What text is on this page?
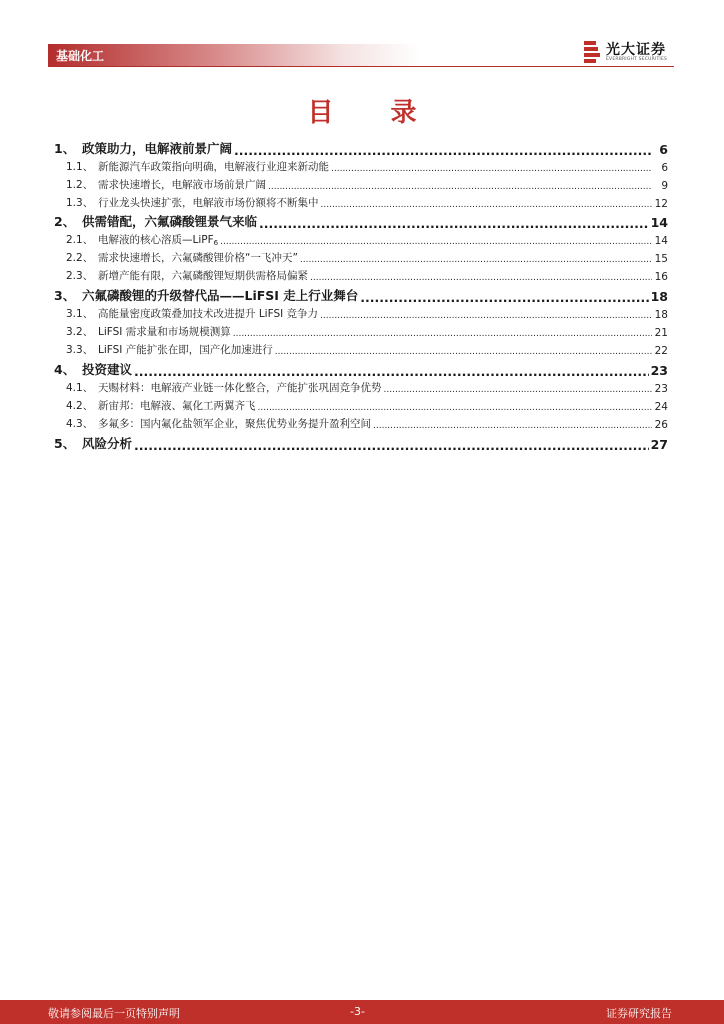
基础化工	光大证券
EVERBRIGHT SECURITIES
目 录
1、 政策助力，电解液前景广阔 .....	6
1.1、 新能源汽车政策指向明确，电解液行业迎来新动能 .....	6
1.2、 需求快速增长，电解液市场前景广阔 .....	9
1.3、 行业龙头快速扩张，电解液市场份额将不断集中 .....	12
2、 供需错配，六氟磷酸锂景气来临 .....	14
2.1、 电解液的核心溶质—LiPF$_6$ .....	14
2.2、 需求快速增长，六氟磷酸锂价格“一飞冲天” .....	15
2.3、 新增产能有限，六氟磷酸锂短期供需格局偏紧 .....	16
3、 六氟磷酸锂的升级替代品——LiFSI 走上行业舞台 .....	18
3.1、 高能量密度政策叠加技术改进提升 LiFSI 竞争力 .....	18
3.2、 LiFSI 需求量和市场规模测算 .....	21
3.3、 LiFSI 产能扩张在即，国产化加速进行 .....	22
4、 投资建议 .....	23
4.1、 天赐材料：电解液产业链一体化整合，产能扩张巩固竞争优势 .....	23
4.2、 新宙邦：电解液、氟化工两翼齐飞 .....	24
4.3、 多氟多：国内氟化盐领军企业，聚焦优势业务提升盈利空间 .....	26
5、 风险分析 .....	27
敬请参阅最后一页特别声明	-3-	证券研究报告
